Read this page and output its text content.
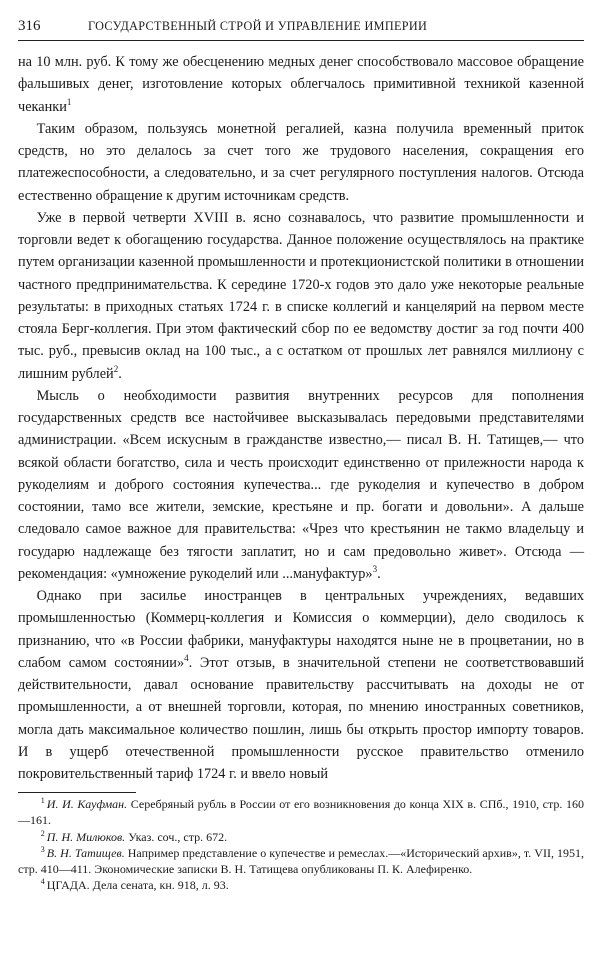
316	ГОСУДАРСТВЕННЫЙ СТРОЙ И УПРАВЛЕНИЕ ИМПЕРИИ

на 10 млн. руб. К тому же обесценению медных денег способствовало массовое обращение фальшивых денег, изготовление которых облегчалось примитивной техникой казенной чеканки$^1$

Таким образом, пользуясь монетной регалией, казна получила временный приток средств, но это делалось за счет того же трудового населения, сокращения его платежеспособности, а следовательно, и за счет регулярного поступления налогов. Отсюда естественно обращение к другим источникам средств.

Уже в первой четверти XVIII в. ясно сознавалось, что развитие промышленности и торговли ведет к обогащению государства. Данное положение осуществлялось на практике путем организации казенной промышленности и протекционистской политики в отношении частного предпринимательства. К середине 1720-х годов это дало уже некоторые реальные результаты: в приходных статьях 1724 г. в списке коллегий и канцелярий на первом месте стояла Берг-коллегия. При этом фактический сбор по ее ведомству достиг за год почти 400 тыс. руб., превысив оклад на 100 тыс., а с остатком от прошлых лет равнялся миллиону с лишним рублей$^2$.

Мысль о необходимости развития внутренних ресурсов для пополнения государственных средств все настойчивее высказывалась передовыми представителями администрации. «Всем искусным в гражданстве известно,— писал В. Н. Татищев,— что всякой области богатство, сила и честь происходит единственно от прилежности народа к рукоделиям и доброго состояния купечества... где рукоделия и купечество в добром состоянии, тамо все жители, земские, крестьяне и пр. богати и довольни». А дальше следовало самое важное для правительства: «Чрез что крестьянин не такмо владельцу и государю надлежаще без тягости заплатит, но и сам предовольно живет». Отсюда — рекомендация: «умножение рукоделий или ...мануфактур»$^3$.

Однако при засилье иностранцев в центральных учреждениях, ведавших промышленностью (Коммерц-коллегия и Комиссия о коммерции), дело сводилось к признанию, что «в России фабрики, мануфактуры находятся ныне не в процветании, но в слабом самом состоянии»$^4$. Этот отзыв, в значительной степени не соответствовавший действительности, давал основание правительству рассчитывать на доходы не от промышленности, а от внешней торговли, которая, по мнению иностранных советников, могла дать максимальное количество пошлин, лишь бы открыть простор импорту товаров. И в ущерб отечественной промышленности русское правительство отменило покровительственный тариф 1724 г. и ввело новый

$^1$ И. И. Кауфман. Серебряный рубль в России от его возникновения до конца XIX в. СПб., 1910, стр. 160—161.

$^2$ П. Н. Милюков. Указ. соч., стр. 672.

$^3$ В. Н. Татищев. Например представление о купечестве и ремеслах.—«Исторический архив», т. VII, 1951, стр. 410—411. Экономические записки В. Н. Татищева опубликованы П. К. Алефиренко.

$^4$ ЦГАДА. Дела сената, кн. 918, л. 93.
